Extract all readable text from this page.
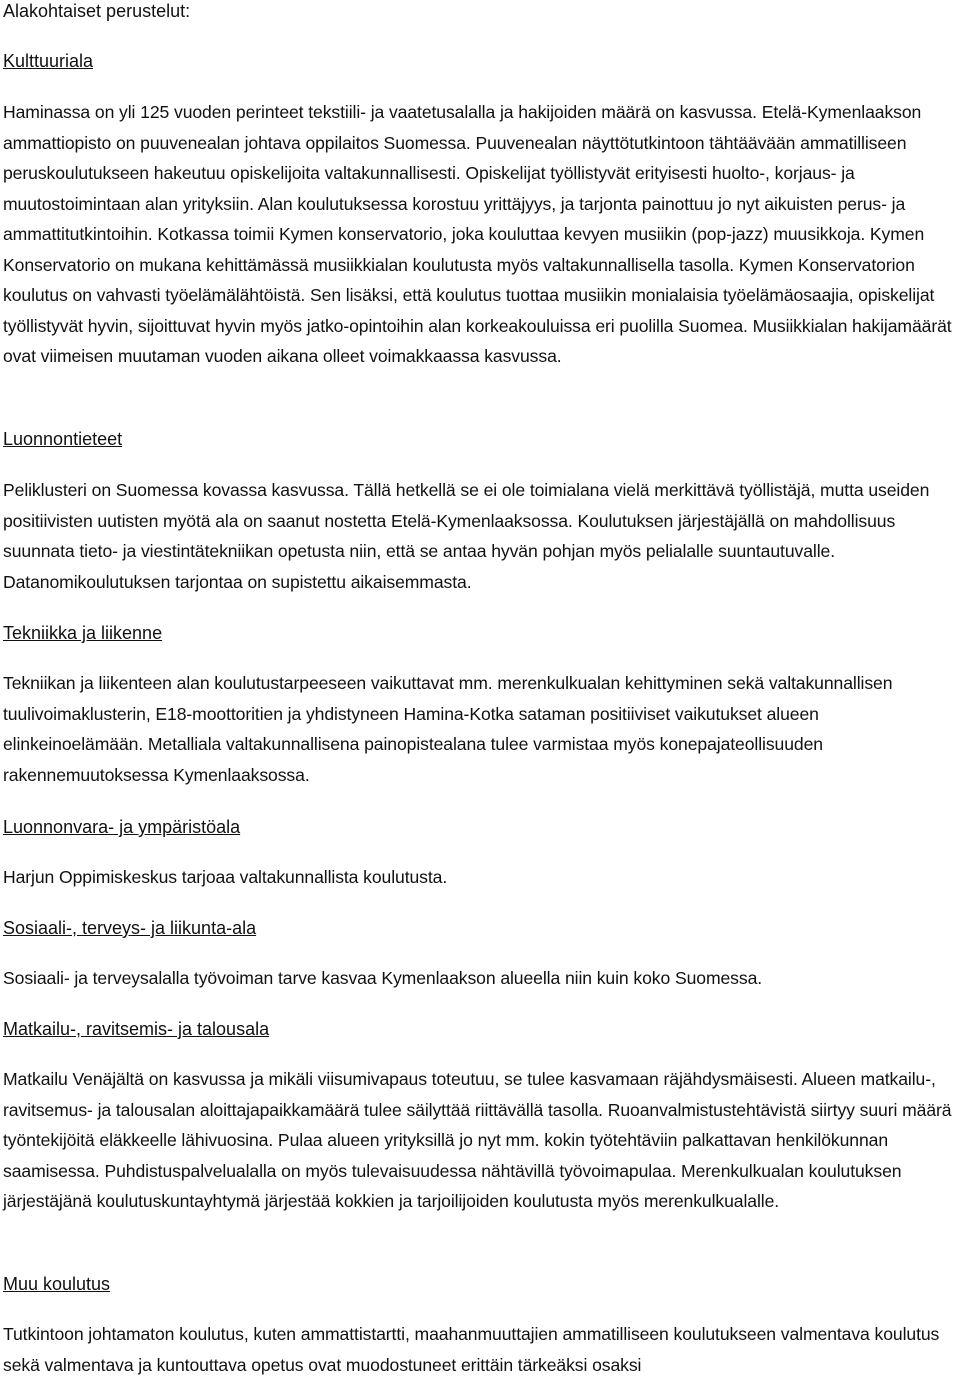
Alakohtaiset perustelut:

Kulttuuriala

Haminassa on yli 125 vuoden perinteet tekstiili- ja vaatetusalalla ja hakijoiden määrä on kasvussa. Etelä-Kymenlaakson ammattiopisto on puuvenealan johtava oppilaitos Suomessa. Puuvenealan näyttötutkintoon tähtäävään ammatilliseen peruskoulutukseen hakeutuu opiskelijoita valtakunnallisesti. Opiskelijat työllistyvät erityisesti huolto-, korjaus- ja muutostoimintaan alan yrityksiin. Alan koulutuksessa korostuu yrittäjyys, ja tarjonta painottuu jo nyt aikuisten perus- ja ammattitutkintoihin. Kotkassa toimii Kymen konservatorio, joka kouluttaa kevyen musiikin (pop-jazz) muusikkoja. Kymen Konservatorio on mukana kehittämässä musiikkialan koulutusta myös valtakunnallisella tasolla. Kymen Konservatorion koulutus on vahvasti työelämälähtöistä. Sen lisäksi, että koulutus tuottaa musiikin monialaisia työelämäosaajia, opiskelijat työllistyvät hyvin, sijoittuvat hyvin myös jatko-opintoihin alan korkeakouluissa eri puolilla Suomea. Musiikkialan hakijamäärät ovat viimeisen muutaman vuoden aikana olleet voimakkaassa kasvussa.

Luonnontieteet

Peliklusteri on Suomessa kovassa kasvussa. Tällä hetkellä se ei ole toimialana vielä merkittävä työllistäjä, mutta useiden positiivisten uutisten myötä ala on saanut nostetta Etelä-Kymenlaaksossa. Koulutuksen järjestäjällä on mahdollisuus suunnata tieto- ja viestintätekniikan opetusta niin, että se antaa hyvän pohjan myös pelialalle suuntautuvalle. Datanomikoulutuksen tarjontaa on supistettu aikaisemmasta.

Tekniikka ja liikenne

Tekniikan ja liikenteen alan koulutustarpeeseen vaikuttavat mm. merenkulkualan kehittyminen sekä valtakunnallisen tuulivoimaklusterin, E18-moottoritien ja yhdistyneen Hamina-Kotka sataman positiiviset vaikutukset alueen elinkeinoelämään. Metalliala valtakunnallisena painopistealana tulee varmistaa myös konepajateollisuuden rakennemuutoksessa Kymenlaaksossa.

Luonnonvara- ja ympäristöala

Harjun Oppimiskeskus tarjoaa valtakunnallista koulutusta.

Sosiaali-, terveys- ja liikunta-ala

Sosiaali- ja terveysalalla työvoiman tarve kasvaa Kymenlaakson alueella niin kuin koko Suomessa.

Matkailu-, ravitsemis- ja talousala

Matkailu Venäjältä on kasvussa ja mikäli viisumivapaus toteutuu, se tulee kasvamaan räjähdysmäisesti. Alueen matkailu-, ravitsemus- ja talousalan aloittajapaikkamäärä tulee säilyttää riittävällä tasolla. Ruoanvalmistustehtävistä siirtyy suuri määrä työntekijöitä eläkkeelle lähivuosina. Pulaa alueen yrityksillä jo nyt mm. kokin työtehtäviin palkattavan henkilökunnan saamisessa. Puhdistuspalvelualalla on myös tulevaisuudessa nähtävillä työvoimapulaa. Merenkulkualan koulutuksen järjestäjänä koulutuskuntayhtymä järjestää kokkien ja tarjoilijoiden koulutusta myös merenkulkualalle.

Muu koulutus

Tutkintoon johtamaton koulutus, kuten ammattistartti, maahanmuuttajien ammatilliseen koulutukseen valmentava koulutus sekä valmentava ja kuntouttava opetus ovat muodostuneet erittäin tärkeäksi osaksi
